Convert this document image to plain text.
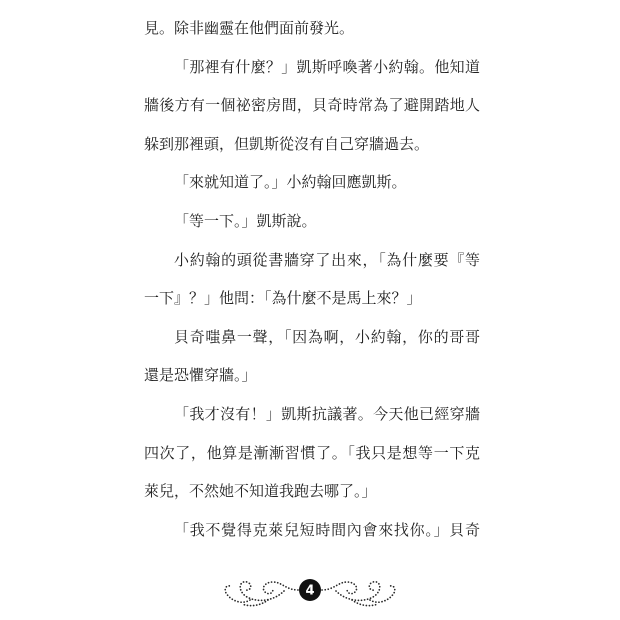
見。除非幽靈在他們面前發光。
「那裡有什麼？」凱斯呼喚著小約翰。他知道
牆後方有一個祕密房間，貝奇時常為了避開踏地人
躲到那裡頭，但凱斯從沒有自己穿牆過去。
「來就知道了。」小約翰回應凱斯。
「等一下。」凱斯說。
小約翰的頭從書牆穿了出來，「為什麼要『等
一下』？」他問：「為什麼不是馬上來？」
貝奇嗤鼻一聲，「因為啊，小約翰，你的哥哥
還是恐懼穿牆。」
「我才沒有！」凱斯抗議著。今天他已經穿牆
四次了，他算是漸漸習慣了。「我只是想等一下克
萊兒，不然她不知道我跑去哪了。」
「我不覺得克萊兒短時間內會來找你。」貝奇
4
